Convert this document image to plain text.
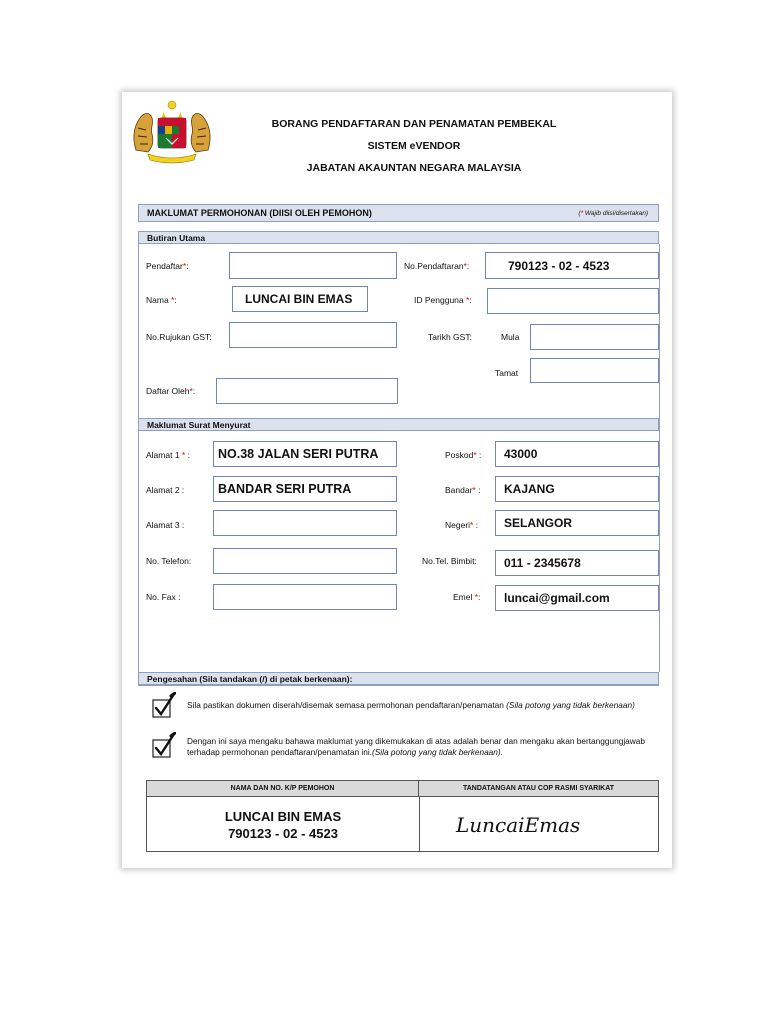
BORANG PENDAFTARAN DAN PENAMATAN PEMBEKAL
SISTEM eVENDOR
JABATAN AKAUNTAN NEGARA MALAYSIA
MAKLUMAT PERMOHONAN (DIISI OLEH PEMOHON)	(* Wajib diisi/disertakan)
Butiran Utama
Pendaftar*:	No.Pendaftaran*:	790123 - 02 - 4523
Nama *:	LUNCAI BIN EMAS	ID Pengguna *:
No.Rujukan GST:	Tarikh GST:	Mula
Tamat
Daftar Oleh*:
Maklumat Surat Menyurat
Alamat 1 * : NO.38 JALAN SERI PUTRA	Poskod* : 43000
Alamat 2 :	BANDAR SERI PUTRA	Bandar* : KAJANG
Alamat 3 :	Negeri* : SELANGOR
No. Telefon:	No.Tel. Bimbit: 011 - 2345678
No. Fax :	Emel *: luncai@gmail.com
Pengesahan (Sila tandakan (/) di petak berkenaan):
Sila pastikan dokumen diserah/disemak semasa permohonan pendaftaran/penamatan (Sila potong yang tidak berkenaan)
Dengan ini saya mengaku bahawa maklumat yang dikemukakan di atas adalah benar dan mengaku akan bertanggungjawab terhadap permohonan pendaftaran/penamatan ini.(Sila potong yang tidak berkenaan).
NAMA DAN NO. K/P PEMOHON	TANDATANGAN ATAU COP RASMI SYARIKAT
LUNCAI BIN EMAS
790123 - 02 - 4523	LuncaiEmas
